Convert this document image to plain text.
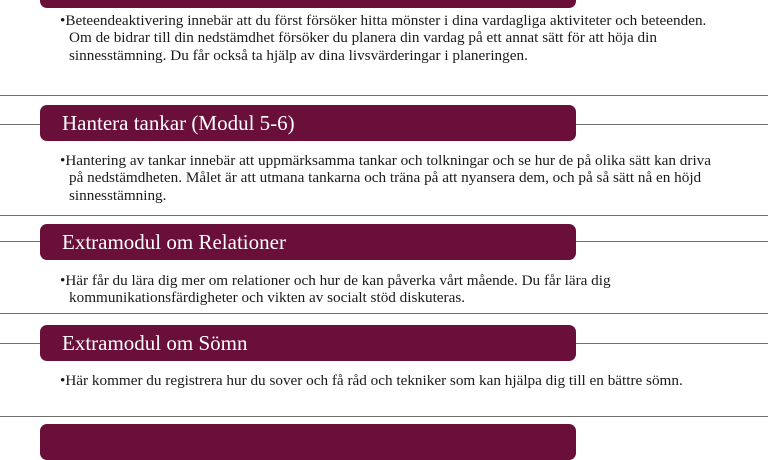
•Beteendeaktivering innebär att du först försöker hitta mönster i dina vardagliga aktiviteter och beteenden. Om de bidrar till din nedstämdhet försöker du planera din vardag på ett annat sätt för att höja din sinnesstämning. Du får också ta hjälp av dina livsvärderingar i planeringen.
Hantera tankar (Modul 5-6)
•Hantering av tankar innebär att uppmärksamma tankar och tolkningar och se hur de på olika sätt kan driva på nedstämdheten. Målet är att utmana tankarna och träna på att nyansera dem, och på så sätt nå en höjd sinnesstämning.
Extramodul om Relationer
•Här får du lära dig mer om relationer och hur de kan påverka vårt mående. Du får lära dig kommunikationsfärdigheter och vikten av socialt stöd diskuteras.
Extramodul om Sömn
•Här kommer du registrera hur du sover och få råd och tekniker som kan hjälpa dig till en bättre sömn.
